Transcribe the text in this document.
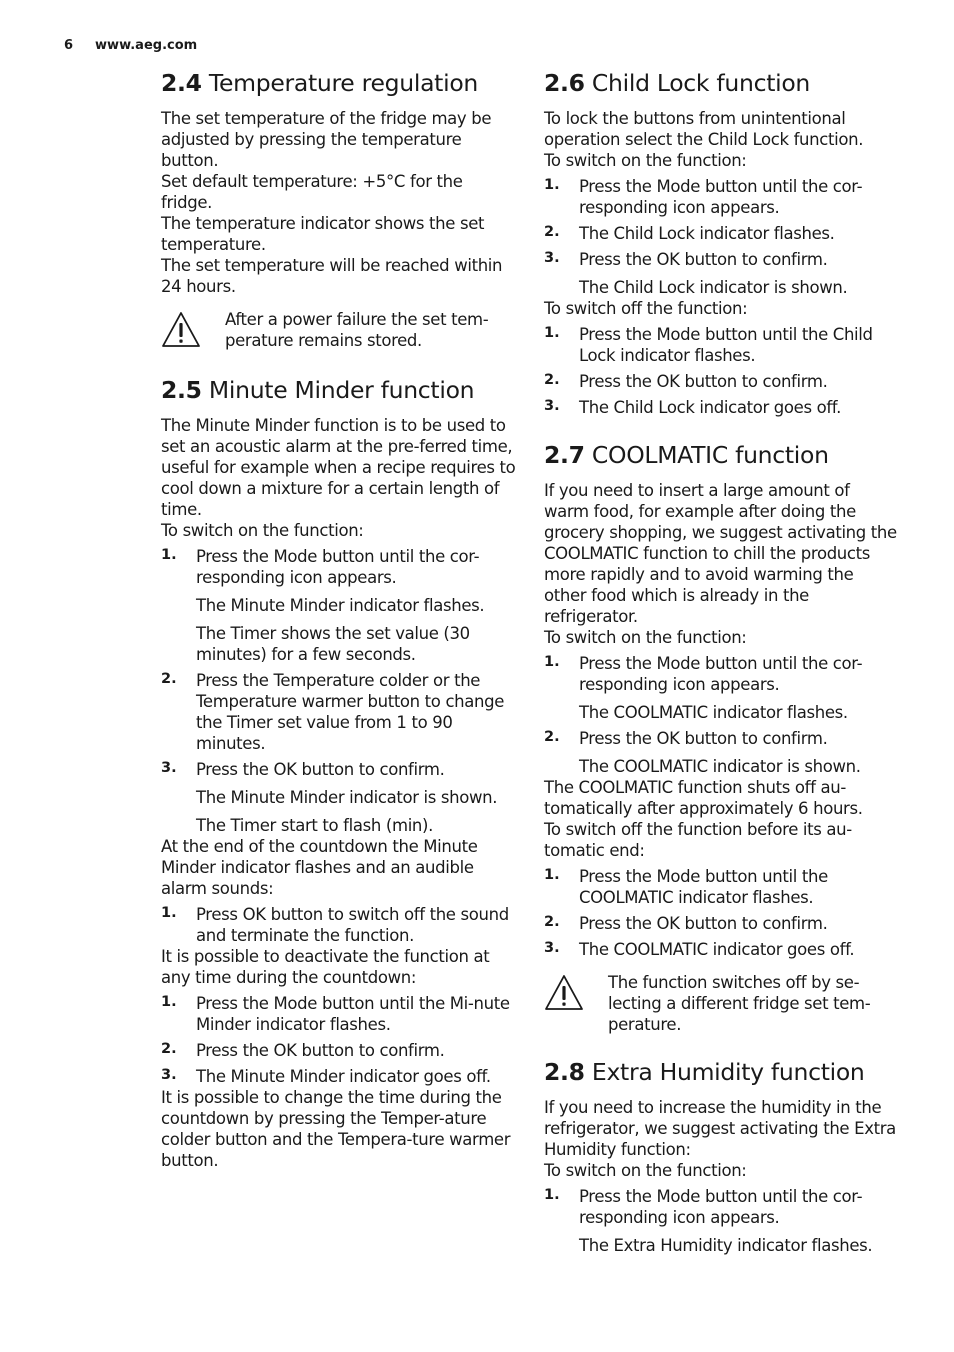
6 www.aeg.com
2.4 Temperature regulation

The set temperature of the fridge may be adjusted by pressing the temperature button.

Set default temperature: +5°C for the fridge.

The temperature indicator shows the set temperature.

The set temperature will be reached within 24 hours.

After a power failure the set tem-perature remains stored.
2.5 Minute Minder function

The Minute Minder function is to be used to set an acoustic alarm at the pre-ferred time, useful for example when a recipe requires to cool down a mixture for a certain length of time.

To switch on the function:

1. Press the Mode button until the cor-responding icon appears.
The Minute Minder indicator flashes.
The Timer shows the set value (30 minutes) for a few seconds.
2. Press the Temperature colder or the Temperature warmer button to change the Timer set value from 1 to 90 minutes.
3. Press the OK button to confirm.
The Minute Minder indicator is shown.
The Timer start to flash (min).

At the end of the countdown the Minute Minder indicator flashes and an audible alarm sounds:

1. Press OK button to switch off the sound and terminate the function.

It is possible to deactivate the function at any time during the countdown:

1. Press the Mode button until the Mi-nute Minder indicator flashes.
2. Press the OK button to confirm.
3. The Minute Minder indicator goes off.

It is possible to change the time during the countdown by pressing the Temper-ature colder button and the Tempera-ture warmer button.

2.6 Child Lock function

To lock the buttons from unintentional operation select the Child Lock function.

To switch on the function:

1. Press the Mode button until the cor-responding icon appears.
2. The Child Lock indicator flashes.
3. Press the OK button to confirm.
The Child Lock indicator is shown.

To switch off the function:

1. Press the Mode button until the Child Lock indicator flashes.
2. Press the OK button to confirm.
3. The Child Lock indicator goes off.
2.7 COOLMATIC function

If you need to insert a large amount of warm food, for example after doing the grocery shopping, we suggest activating the COOLMATIC function to chill the products more rapidly and to avoid warming the other food which is already in the refrigerator.

To switch on the function:

1. Press the Mode button until the cor-responding icon appears.
The COOLMATIC indicator flashes.
2. Press the OK button to confirm.
The COOLMATIC indicator is shown.

The COOLMATIC function shuts off au-tomatically after approximately 6 hours.

To switch off the function before its au-tomatic end:

1. Press the Mode button until the COOLMATIC indicator flashes.
2. Press the OK button to confirm.
3. The COOLMATIC indicator goes off.
The function switches off by se-lecting a different fridge set tem-perature.
2.8 Extra Humidity function

If you need to increase the humidity in the refrigerator, we suggest activating the Extra Humidity function:

To switch on the function:

1. Press the Mode button until the cor-responding icon appears.
The Extra Humidity indicator flashes.
